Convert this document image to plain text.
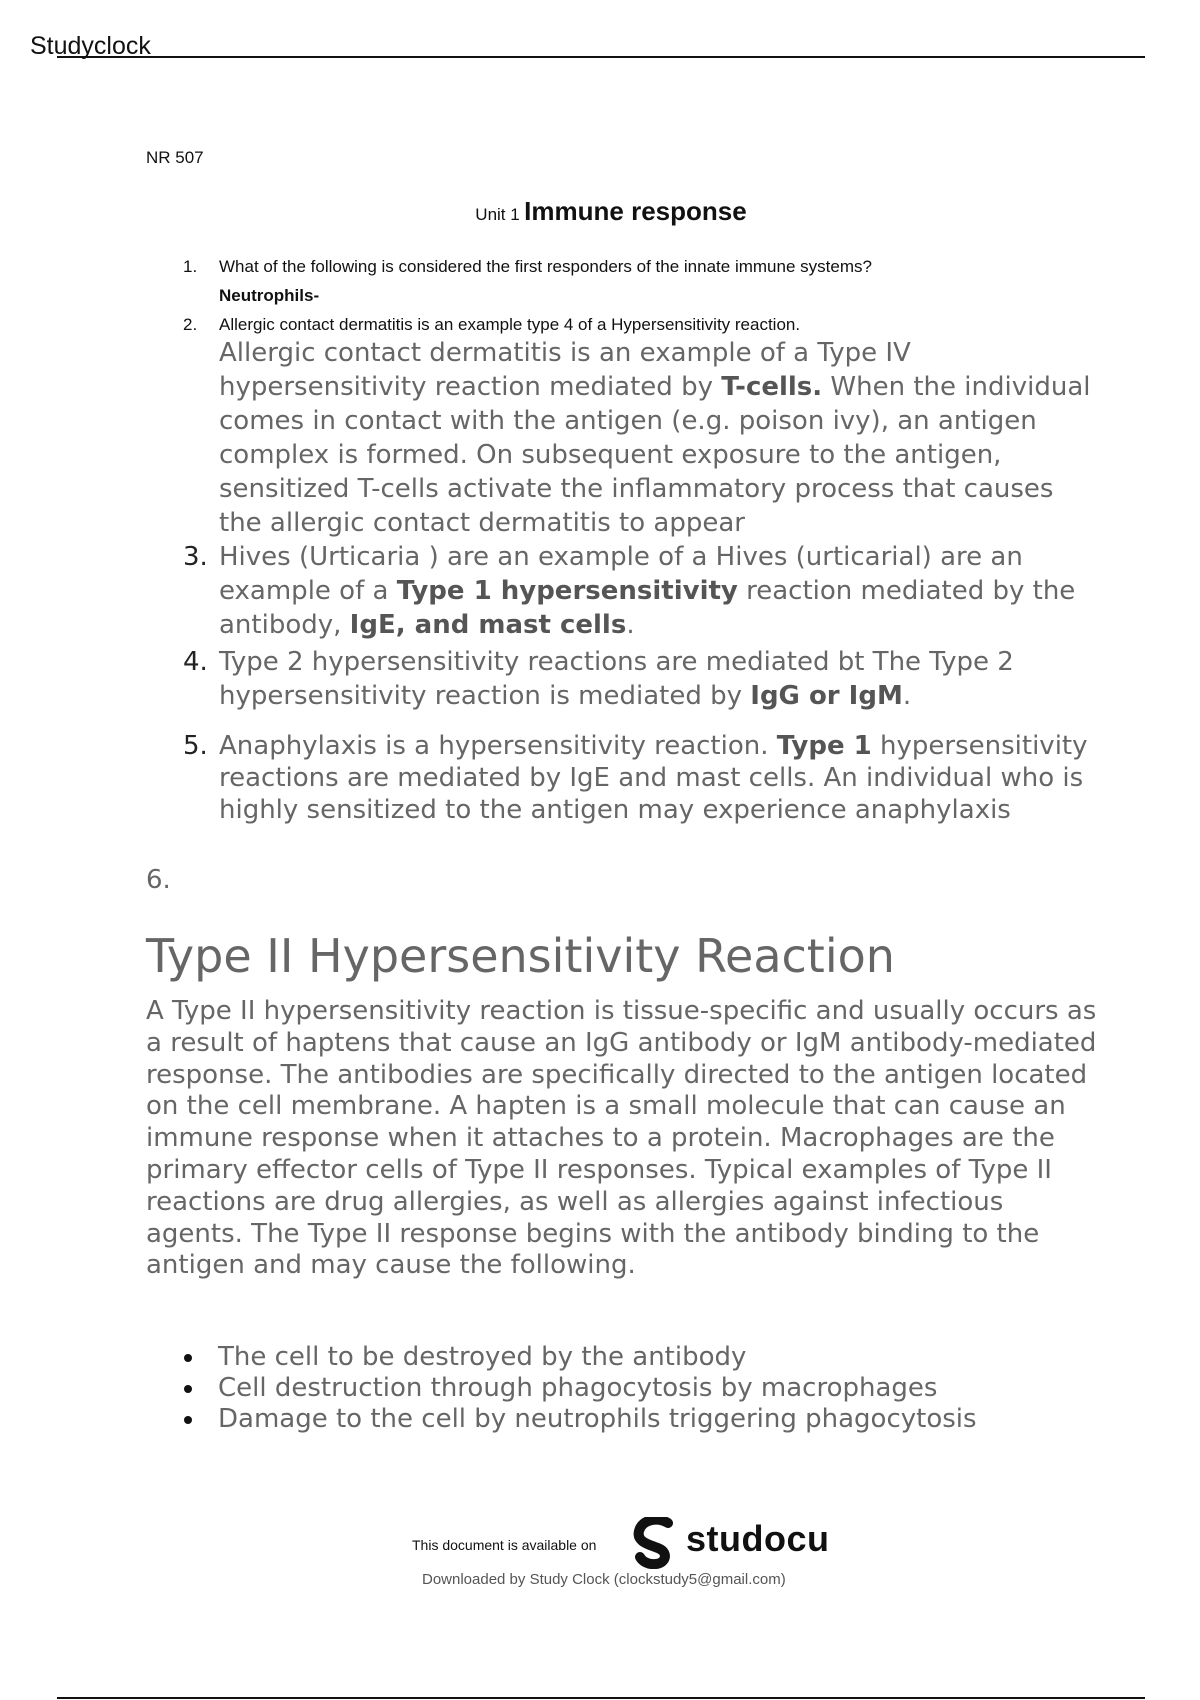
Studyclock
NR 507
Unit 1 Immune response
1. What of the following is considered the first responders of the innate immune systems?
Neutrophils-
2. Allergic contact dermatitis is an example type 4 of a Hypersensitivity reaction.
Allergic contact dermatitis is an example of a Type IV hypersensitivity reaction mediated by T-cells. When the individual comes in contact with the antigen (e.g. poison ivy), an antigen complex is formed. On subsequent exposure to the antigen, sensitized T-cells activate the inflammatory process that causes the allergic contact dermatitis to appear
3. Hives (Urticaria ) are an example of a Hives (urticarial) are an example of a Type 1 hypersensitivity reaction mediated by the antibody, IgE, and mast cells.
4. Type 2 hypersensitivity reactions are mediated bt The Type 2 hypersensitivity reaction is mediated by IgG or IgM.
5. Anaphylaxis is a hypersensitivity reaction. Type 1 hypersensitivity reactions are mediated by IgE and mast cells. An individual who is highly sensitized to the antigen may experience anaphylaxis
6.
Type II Hypersensitivity Reaction
A Type II hypersensitivity reaction is tissue-specific and usually occurs as a result of haptens that cause an IgG antibody or IgM antibody-mediated response. The antibodies are specifically directed to the antigen located on the cell membrane. A hapten is a small molecule that can cause an immune response when it attaches to a protein. Macrophages are the primary effector cells of Type II responses. Typical examples of Type II reactions are drug allergies, as well as allergies against infectious agents. The Type II response begins with the antibody binding to the antigen and may cause the following.
The cell to be destroyed by the antibody
Cell destruction through phagocytosis by macrophages
Damage to the cell by neutrophils triggering phagocytosis
This document is available on studocu
Downloaded by Study Clock (clockstudy5@gmail.com)
